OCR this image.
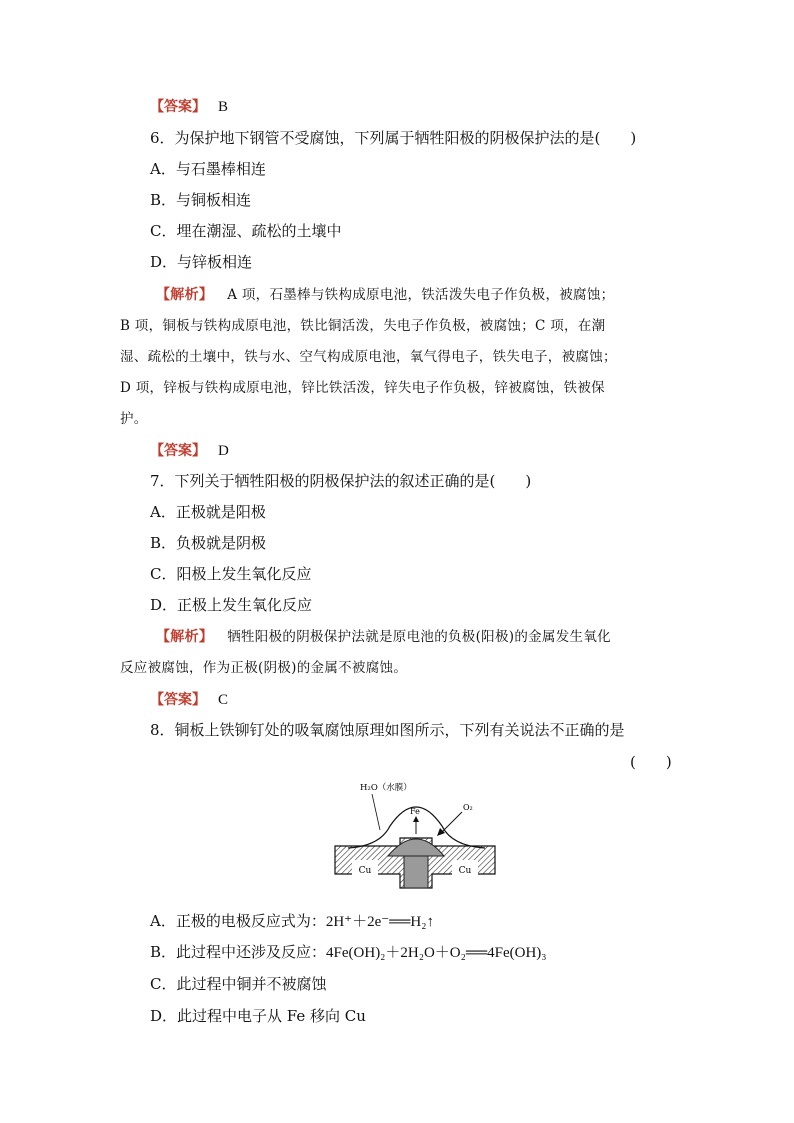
【答案】 B
6．为保护地下钢管不受腐蚀，下列属于牺牲阳极的阴极保护法的是(　　)
A．与石墨棒相连
B．与铜板相连
C．埋在潮湿、疏松的土壤中
D．与锌板相连
【解析】 A 项，石墨棒与铁构成原电池，铁活泼失电子作负极，被腐蚀；
B 项，铜板与铁构成原电池，铁比铜活泼，失电子作负极，被腐蚀；C 项，在潮
湿、疏松的土壤中，铁与水、空气构成原电池，氧气得电子，铁失电子，被腐蚀；
D 项，锌板与铁构成原电池，锌比铁活泼，锌失电子作负极，锌被腐蚀，铁被保
护。
【答案】 D
7．下列关于牺牲阳极的阴极保护法的叙述正确的是(　　)
A．正极就是阳极
B．负极就是阴极
C．阳极上发生氧化反应
D．正极上发生氧化反应
【解析】 牺牲阳极的阴极保护法就是原电池的负极(阳极)的金属发生氧化
反应被腐蚀，作为正极(阴极)的金属不被腐蚀。
【答案】 C
8．铜板上铁铆钉处的吸氧腐蚀原理如图所示，下列有关说法不正确的是
(　　)
Cu	Cu
H₂O（水膜）
Fe	O₂
A．正极的电极反应式为：2H⁺＋2e⁻══H₂↑
B．此过程中还涉及反应：4Fe(OH)₂＋2H₂O＋O₂══4Fe(OH)₃
C．此过程中铜并不被腐蚀
D．此过程中电子从 Fe 移向 Cu
